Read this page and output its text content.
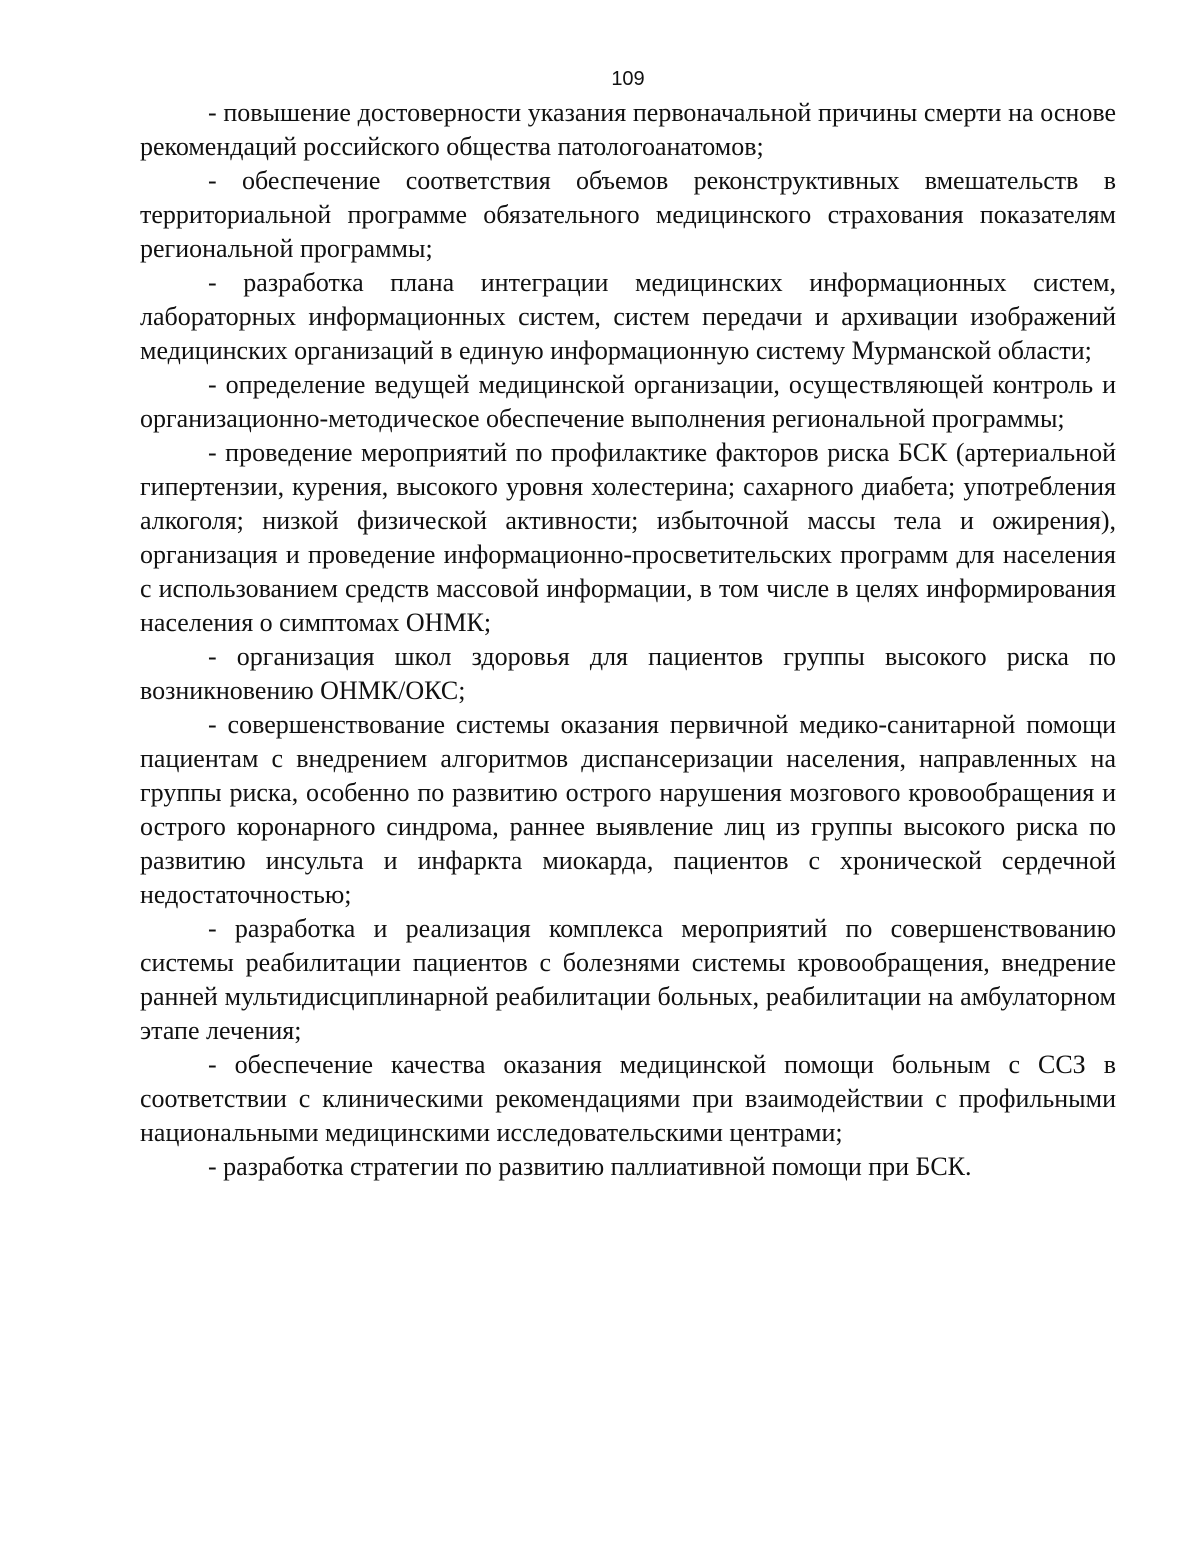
109

- повышение достоверности указания первоначальной причины смерти на основе рекомендаций российского общества патологоанатомов;

- обеспечение соответствия объемов реконструктивных вмешательств в территориальной программе обязательного медицинского страхования показателям региональной программы;

- разработка плана интеграции медицинских информационных систем, лабораторных информационных систем, систем передачи и архивации изображений медицинских организаций в единую информационную систему Мурманской области;

- определение ведущей медицинской организации, осуществляющей контроль и организационно-методическое обеспечение выполнения региональной программы;

- проведение мероприятий по профилактике факторов риска БСК (артериальной гипертензии, курения, высокого уровня холестерина; сахарного диабета; употребления алкоголя; низкой физической активности; избыточной массы тела и ожирения), организация и проведение информационно-просветительских программ для населения с использованием средств массовой информации, в том числе в целях информирования населения о симптомах ОНМК;

- организация школ здоровья для пациентов группы высокого риска по возникновению ОНМК/ОКС;

- совершенствование системы оказания первичной медико-санитарной помощи пациентам с внедрением алгоритмов диспансеризации населения, направленных на группы риска, особенно по развитию острого нарушения мозгового кровообращения и острого коронарного синдрома, раннее выявление лиц из группы высокого риска по развитию инсульта и инфаркта миокарда, пациентов с хронической сердечной недостаточностью;

- разработка и реализация комплекса мероприятий по совершенствованию системы реабилитации пациентов с болезнями системы кровообращения, внедрение ранней мультидисциплинарной реабилитации больных, реабилитации на амбулаторном этапе лечения;

- обеспечение качества оказания медицинской помощи больным с ССЗ в соответствии с клиническими рекомендациями при взаимодействии с профильными национальными медицинскими исследовательскими центрами;

- разработка стратегии по развитию паллиативной помощи при БСК.
